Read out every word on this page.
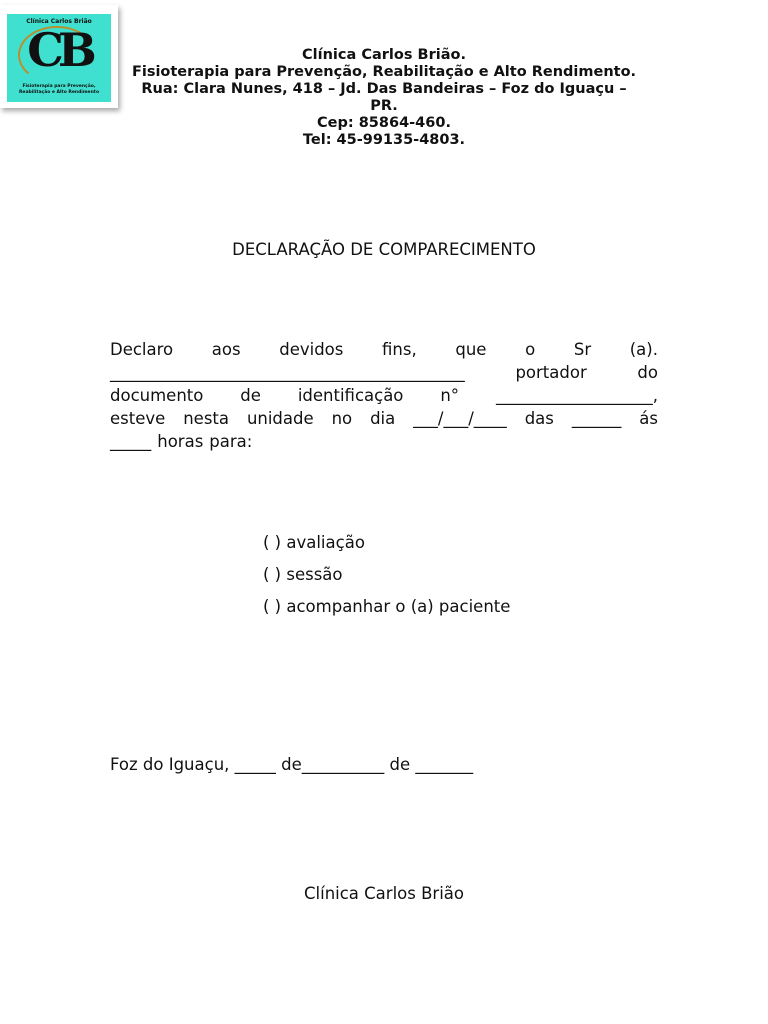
Clínica Carlos Brião
CB
Fisioterapia para Prevenção,
Reabilitação e Alto Rendimento
Clínica Carlos Brião.
Fisioterapia para Prevenção, Reabilitação e Alto Rendimento.
Rua: Clara Nunes, 418 – Jd. Das Bandeiras – Foz do Iguaçu –
PR.
Cep: 85864-460.
Tel: 45-99135-4803.
DECLARAÇÃO DE COMPARECIMENTO
Declaro aos devidos fins, que o Sr (a).
___________________________________________	portador	do
documento de identificação n° ___________________,
esteve nesta unidade no dia ___/___/____ das ______ ás
_____ horas para:
( ) avaliação
( ) sessão
( ) acompanhar o (a) paciente
Foz do Iguaçu, _____ de__________ de _______
Clínica Carlos Brião
